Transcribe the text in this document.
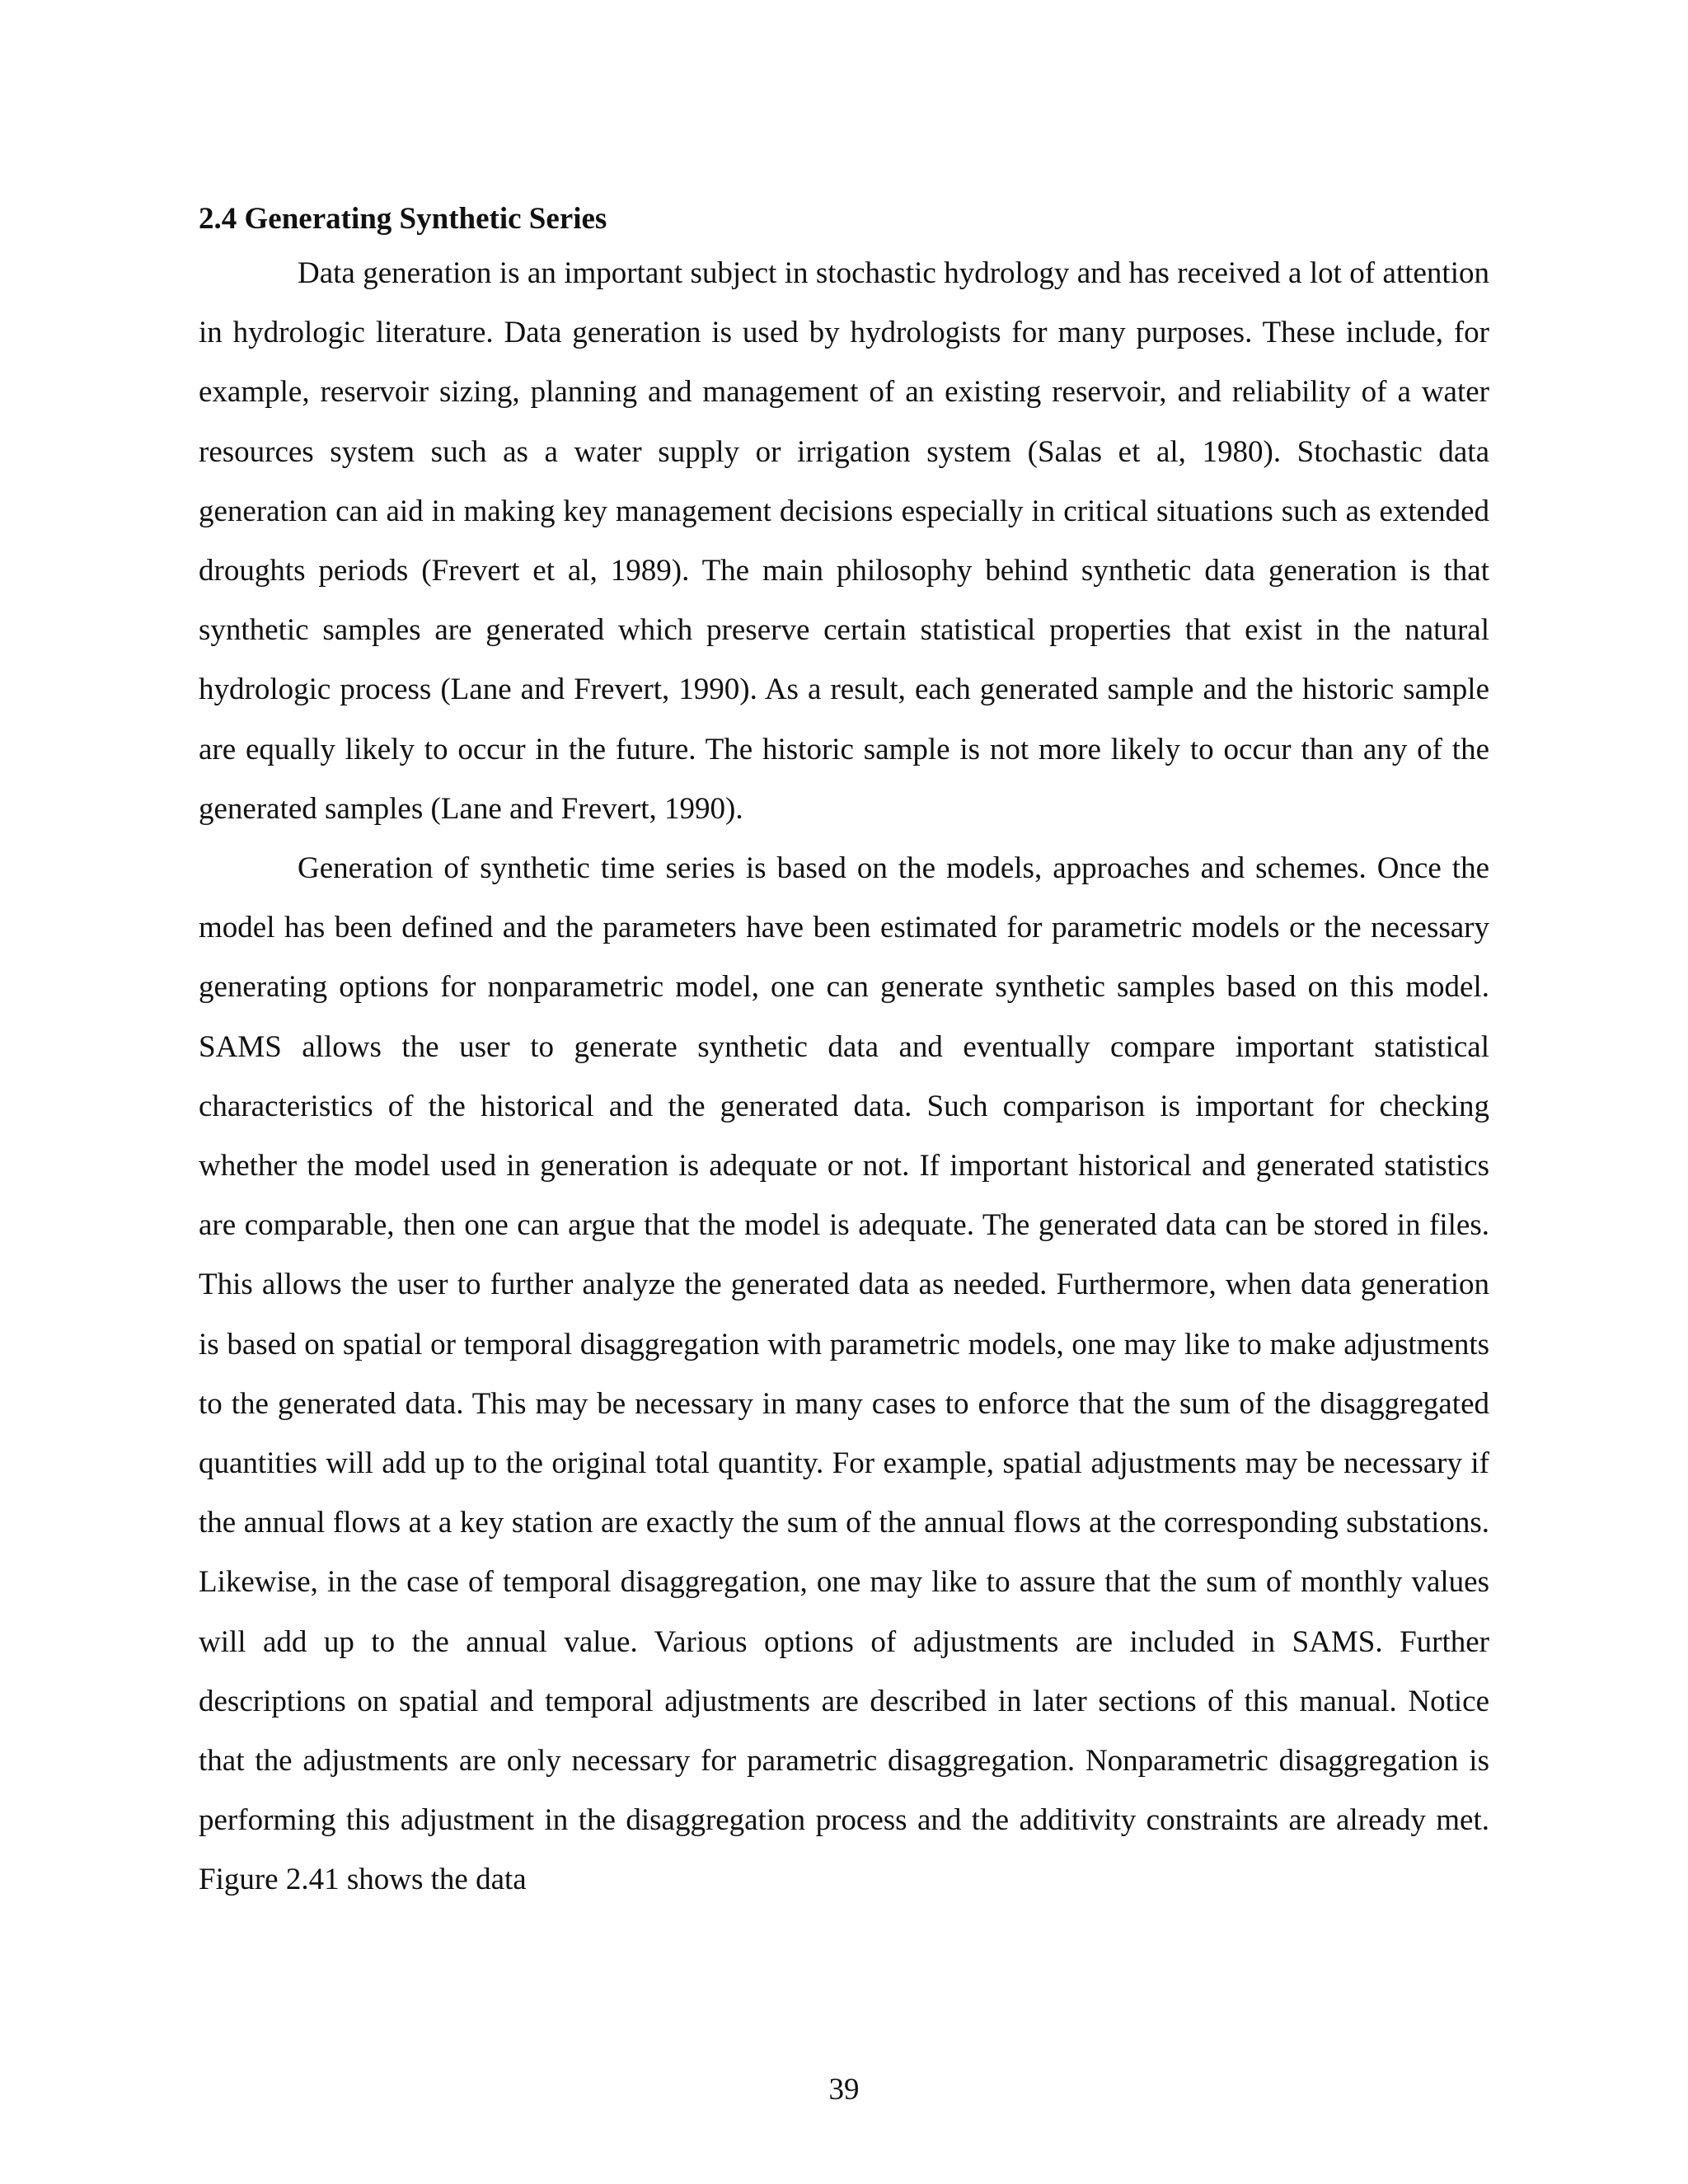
2.4 Generating Synthetic Series

Data generation is an important subject in stochastic hydrology and has received a lot of attention in hydrologic literature. Data generation is used by hydrologists for many purposes. These include, for example, reservoir sizing, planning and management of an existing reservoir, and reliability of a water resources system such as a water supply or irrigation system (Salas et al, 1980). Stochastic data generation can aid in making key management decisions especially in critical situations such as extended droughts periods (Frevert et al, 1989). The main philosophy behind synthetic data generation is that synthetic samples are generated which preserve certain statistical properties that exist in the natural hydrologic process (Lane and Frevert, 1990). As a result, each generated sample and the historic sample are equally likely to occur in the future. The historic sample is not more likely to occur than any of the generated samples (Lane and Frevert, 1990).

Generation of synthetic time series is based on the models, approaches and schemes. Once the model has been defined and the parameters have been estimated for parametric models or the necessary generating options for nonparametric model, one can generate synthetic samples based on this model. SAMS allows the user to generate synthetic data and eventually compare important statistical characteristics of the historical and the generated data. Such comparison is important for checking whether the model used in generation is adequate or not. If important historical and generated statistics are comparable, then one can argue that the model is adequate. The generated data can be stored in files. This allows the user to further analyze the generated data as needed. Furthermore, when data generation is based on spatial or temporal disaggregation with parametric models, one may like to make adjustments to the generated data. This may be necessary in many cases to enforce that the sum of the disaggregated quantities will add up to the original total quantity. For example, spatial adjustments may be necessary if the annual flows at a key station are exactly the sum of the annual flows at the corresponding substations. Likewise, in the case of temporal disaggregation, one may like to assure that the sum of monthly values will add up to the annual value. Various options of adjustments are included in SAMS. Further descriptions on spatial and temporal adjustments are described in later sections of this manual. Notice that the adjustments are only necessary for parametric disaggregation. Nonparametric disaggregation is performing this adjustment in the disaggregation process and the additivity constraints are already met. Figure 2.41 shows the data

39
